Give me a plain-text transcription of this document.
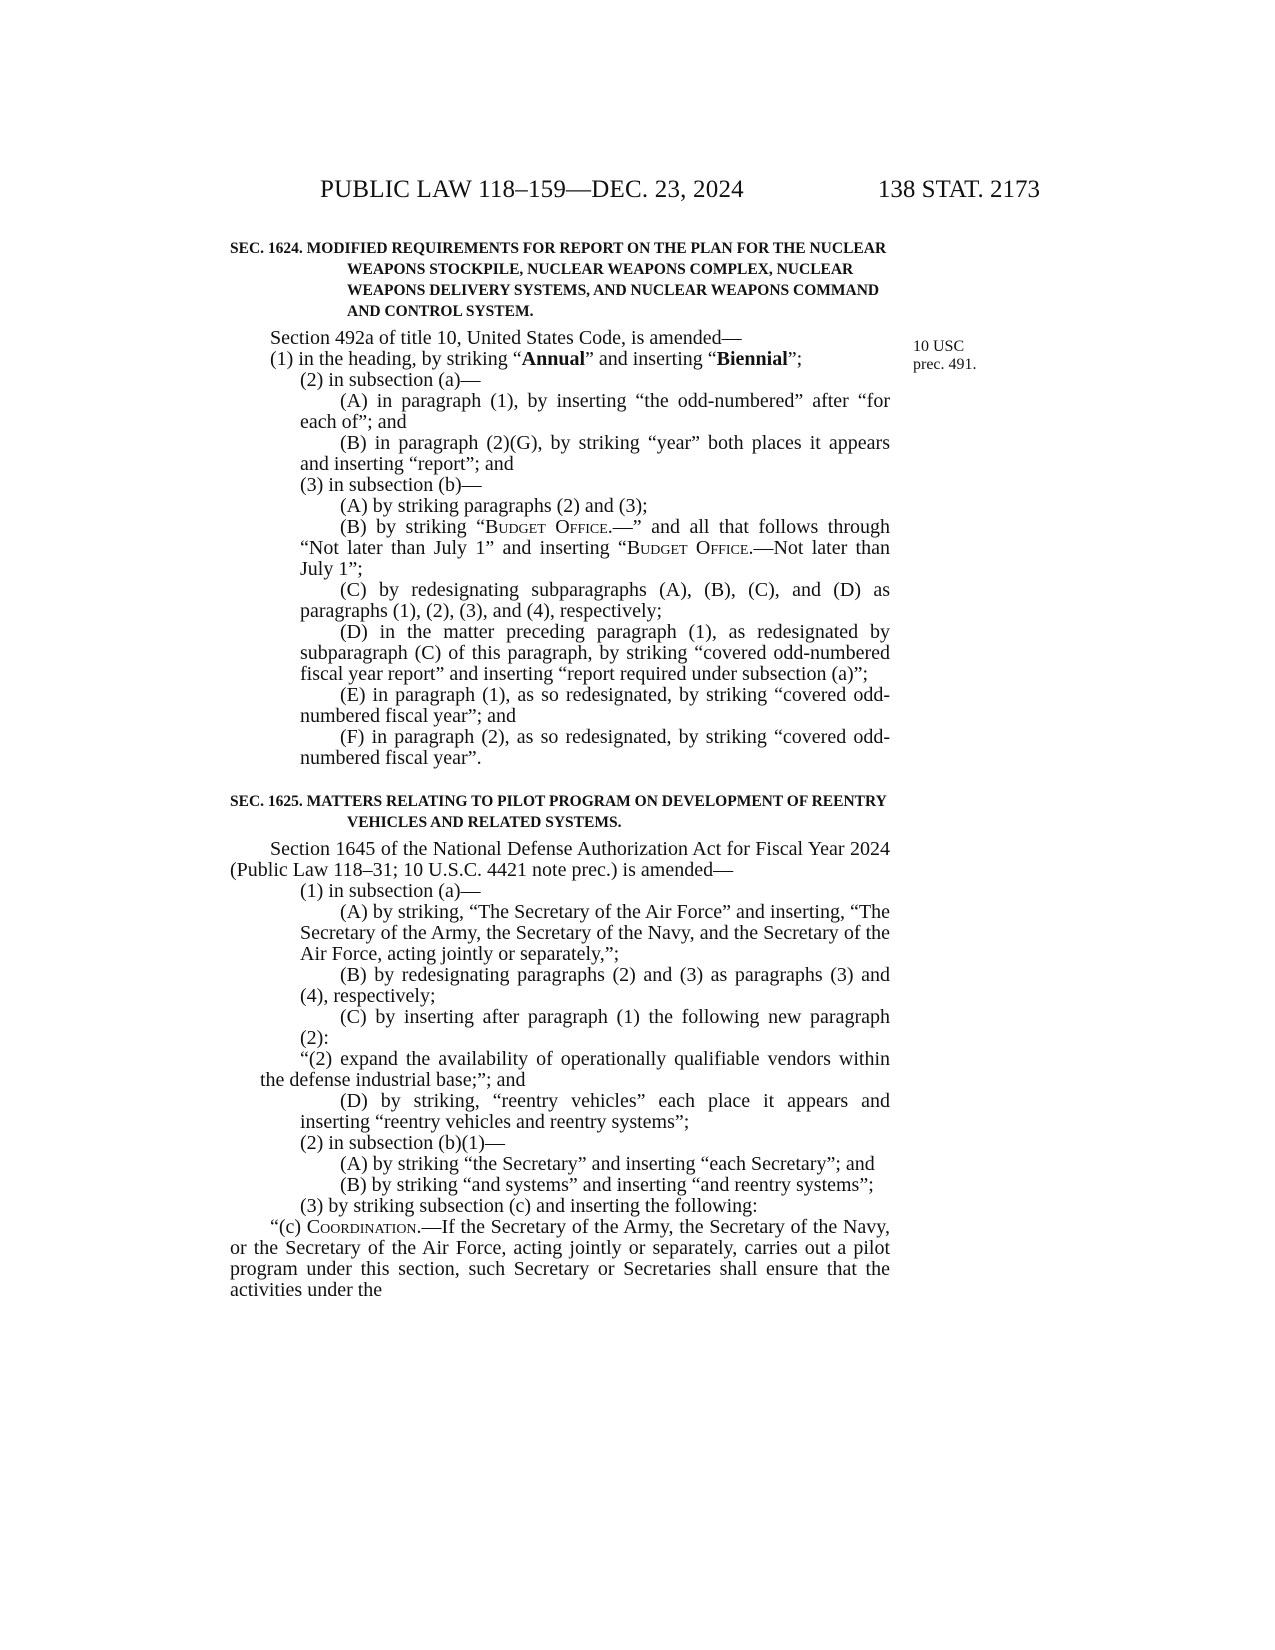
PUBLIC LAW 118–159—DEC. 23, 2024	138 STAT. 2173
10 USC
prec. 491.

SEC. 1624. MODIFIED REQUIREMENTS FOR REPORT ON THE PLAN FOR THE NUCLEAR WEAPONS STOCKPILE, NUCLEAR WEAPONS COMPLEX, NUCLEAR WEAPONS DELIVERY SYSTEMS, AND NUCLEAR WEAPONS COMMAND AND CONTROL SYSTEM.

Section 492a of title 10, United States Code, is amended—

(1) in the heading, by striking “Annual” and inserting “Biennial”;

(2) in subsection (a)—

(A) in paragraph (1), by inserting “the odd-numbered” after “for each of”; and

(B) in paragraph (2)(G), by striking “year” both places it appears and inserting “report”; and

(3) in subsection (b)—

(A) by striking paragraphs (2) and (3);

(B) by striking “Budget Office.—” and all that follows through “Not later than July 1” and inserting “Budget Office.—Not later than July 1”;

(C) by redesignating subparagraphs (A), (B), (C), and (D) as paragraphs (1), (2), (3), and (4), respectively;

(D) in the matter preceding paragraph (1), as redesignated by subparagraph (C) of this paragraph, by striking “covered odd-numbered fiscal year report” and inserting “report required under subsection (a)”;

(E) in paragraph (1), as so redesignated, by striking “covered odd-numbered fiscal year”; and

(F) in paragraph (2), as so redesignated, by striking “covered odd-numbered fiscal year”.

SEC. 1625. MATTERS RELATING TO PILOT PROGRAM ON DEVELOPMENT OF REENTRY VEHICLES AND RELATED SYSTEMS.

Section 1645 of the National Defense Authorization Act for Fiscal Year 2024 (Public Law 118–31; 10 U.S.C. 4421 note prec.) is amended—

(1) in subsection (a)—

(A) by striking, “The Secretary of the Air Force” and inserting, “The Secretary of the Army, the Secretary of the Navy, and the Secretary of the Air Force, acting jointly or separately,”;

(B) by redesignating paragraphs (2) and (3) as paragraphs (3) and (4), respectively;

(C) by inserting after paragraph (1) the following new paragraph (2):

“(2) expand the availability of operationally qualifiable vendors within the defense industrial base;”; and

(D) by striking, “reentry vehicles” each place it appears and inserting “reentry vehicles and reentry systems”;

(2) in subsection (b)(1)—

(A) by striking “the Secretary” and inserting “each Secretary”; and

(B) by striking “and systems” and inserting “and reentry systems”;

(3) by striking subsection (c) and inserting the following:

“(c) Coordination.—If the Secretary of the Army, the Secretary of the Navy, or the Secretary of the Air Force, acting jointly or separately, carries out a pilot program under this section, such Secretary or Secretaries shall ensure that the activities under the
